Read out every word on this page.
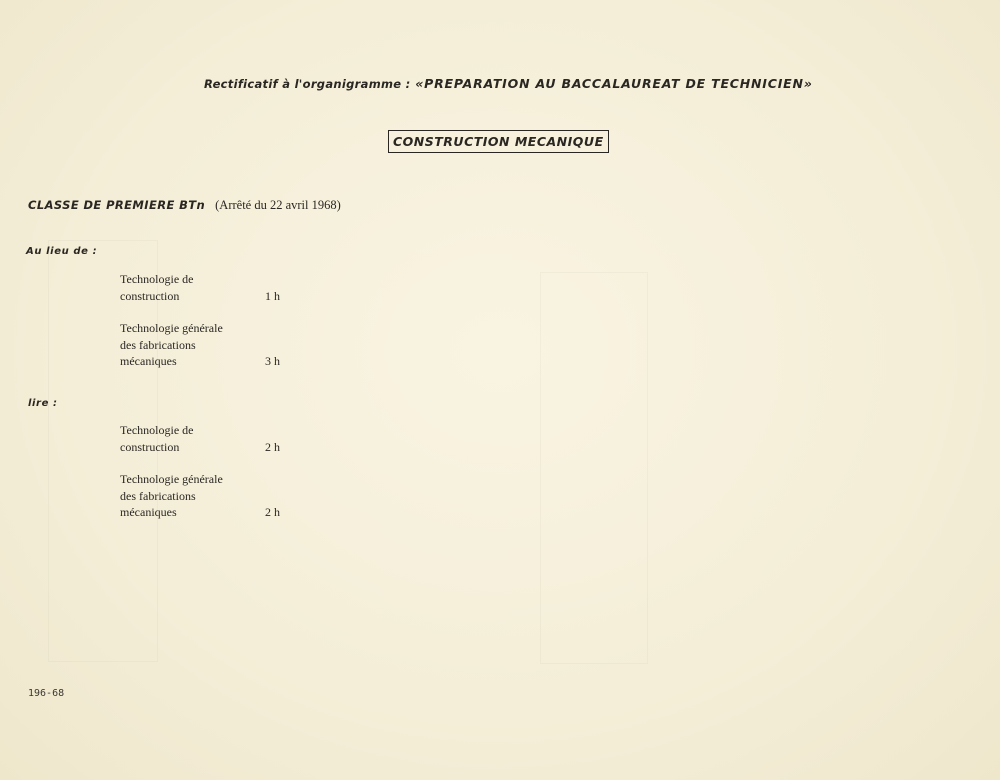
Rectificatif à l'organigramme : «PREPARATION AU BACCALAUREAT DE TECHNICIEN»
CONSTRUCTION MECANIQUE
CLASSE DE PREMIERE BTn (Arrêté du 22 avril 1968)
Au lieu de :
Technologie de
construction	1 h
Technologie générale
des fabrications
mécaniques	3 h
lire :
Technologie de
construction	2 h
Technologie générale
des fabrications
mécaniques	2 h
196-68
